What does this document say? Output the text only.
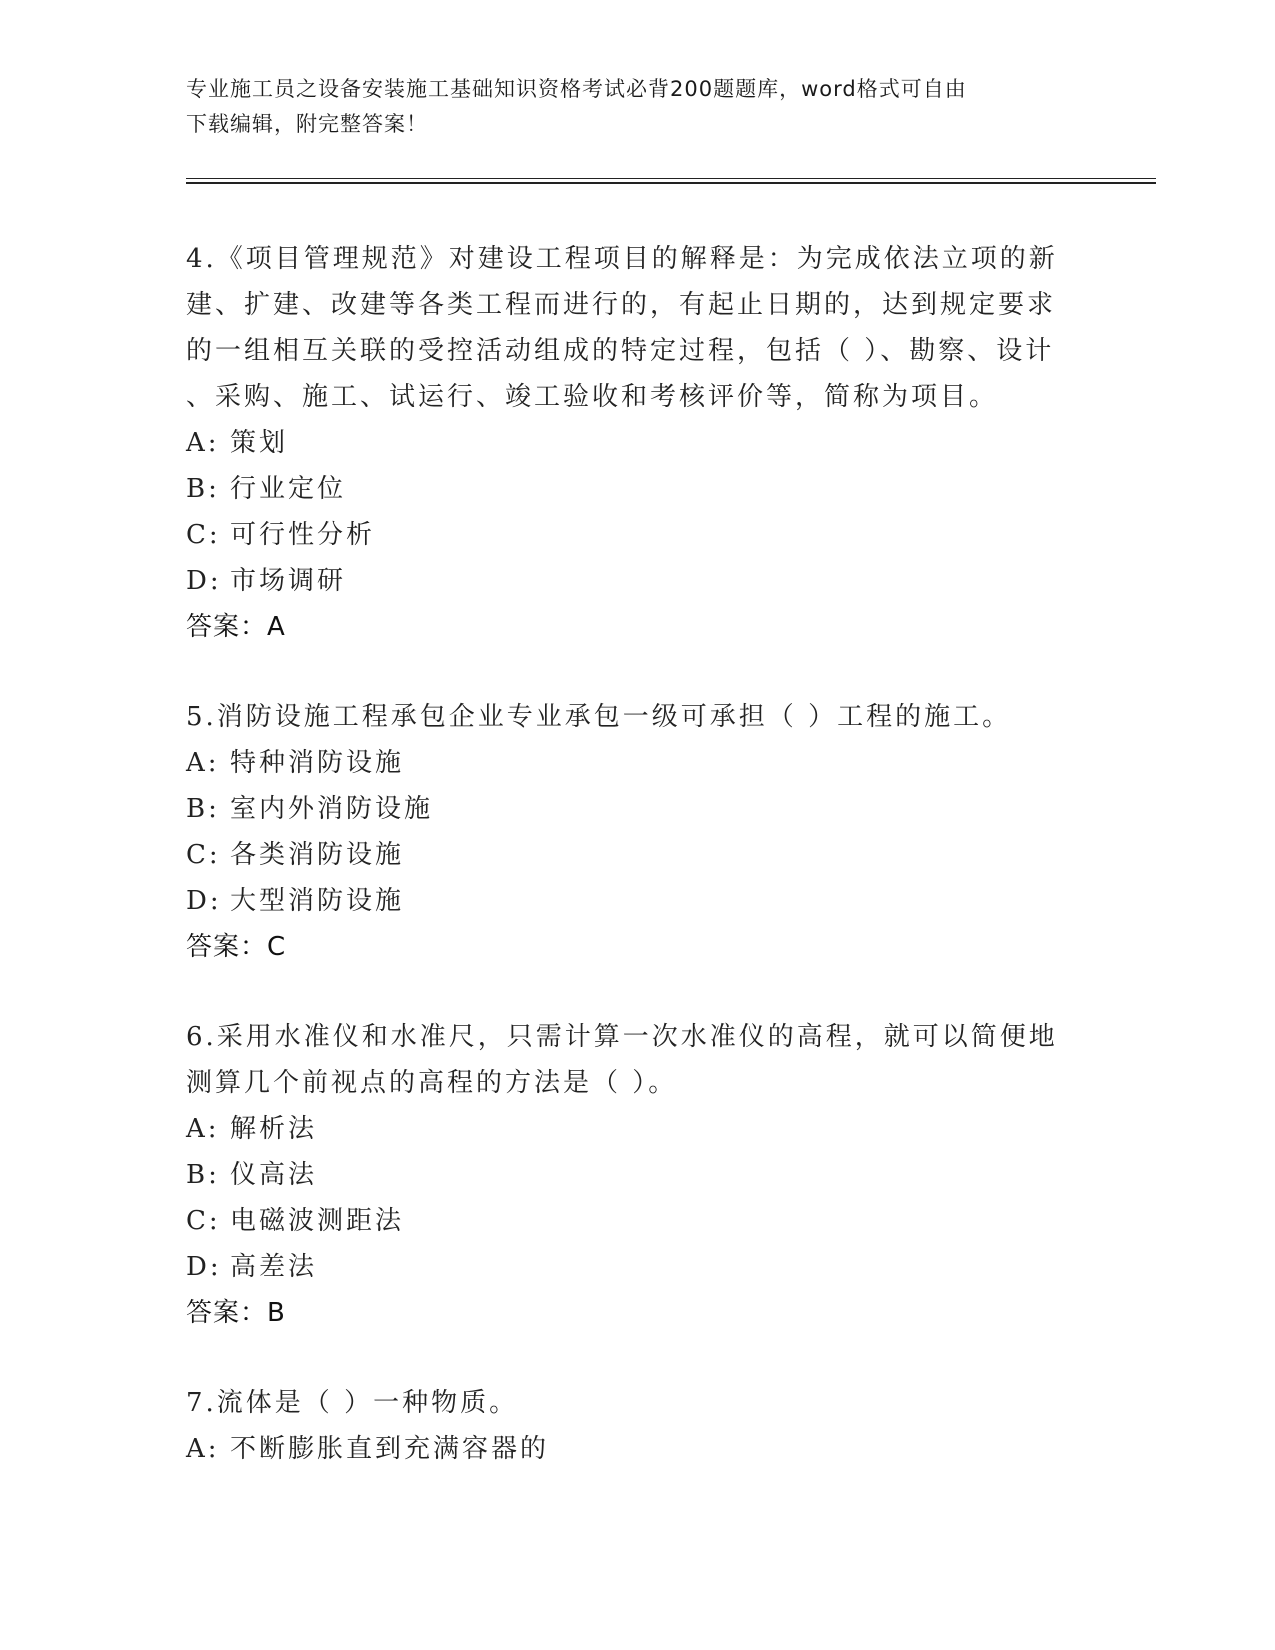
专业施工员之设备安装施工基础知识资格考试必背200题题库，word格式可自由
下载编辑，附完整答案！

4.《项目管理规范》对建设工程项目的解释是：为完成依法立项的新

建、扩建、改建等各类工程而进行的，有起止日期的，达到规定要求

的一组相互关联的受控活动组成的特定过程，包括（ ）、勘察、设计

、采购、施工、试运行、竣工验收和考核评价等，简称为项目。

A: 策划

B: 行业定位

C: 可行性分析

D: 市场调研

答案：A

5.消防设施工程承包企业专业承包一级可承担（ ）工程的施工。

A: 特种消防设施

B: 室内外消防设施

C: 各类消防设施

D: 大型消防设施

答案：C

6.采用水准仪和水准尺，只需计算一次水准仪的高程，就可以简便地

测算几个前视点的高程的方法是（ ）。

A: 解析法

B: 仪高法

C: 电磁波测距法

D: 高差法

答案：B

7.流体是（ ）一种物质。

A: 不断膨胀直到充满容器的
